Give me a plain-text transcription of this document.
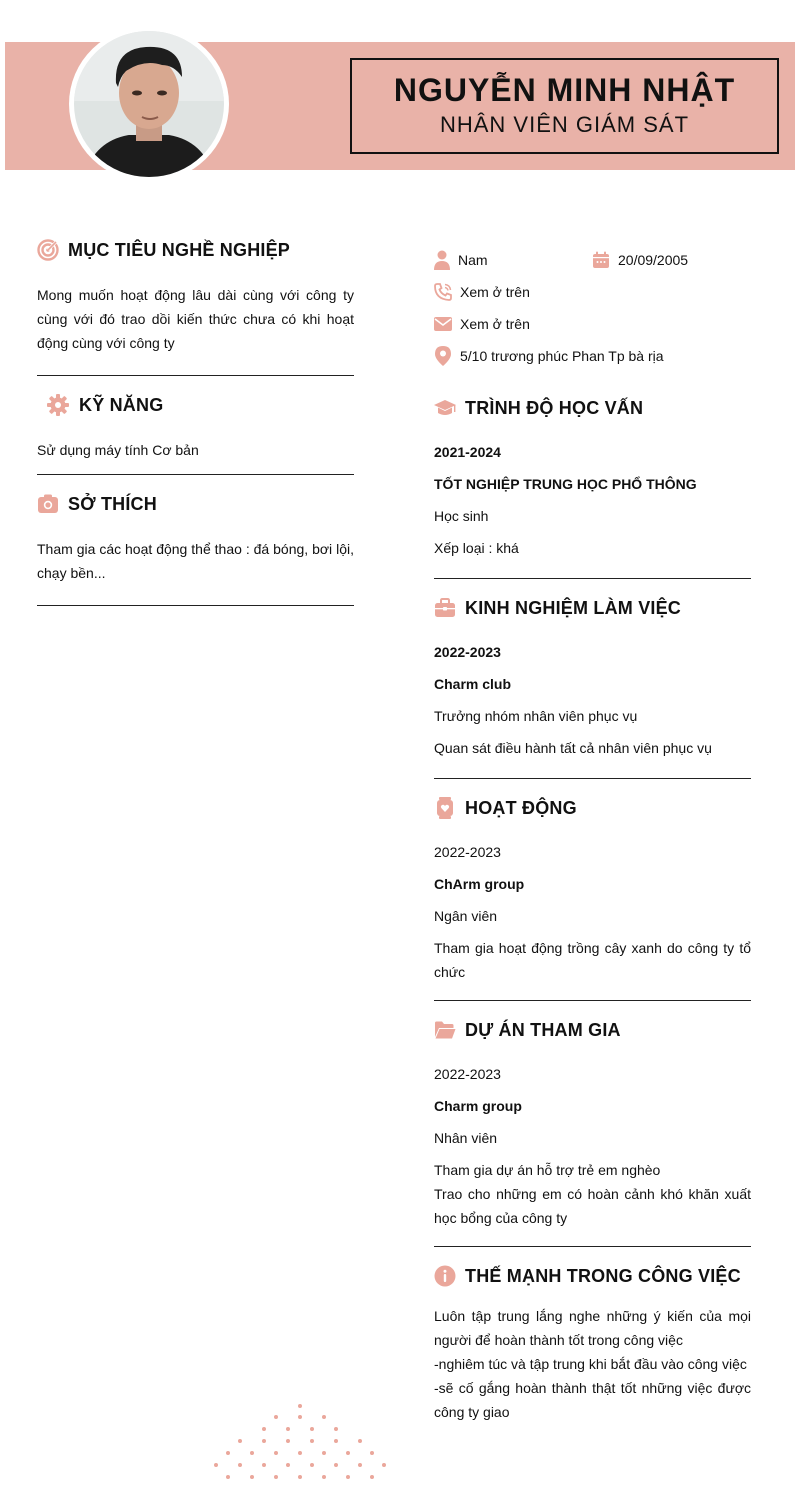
NGUYỄN MINH NHẬT
NHÂN VIÊN GIÁM SÁT
MỤC TIÊU NGHỀ NGHIỆP

Mong muốn hoạt động lâu dài cùng với công ty cùng với đó trao dồi kiến thức chưa có khi hoạt động cùng với công ty

KỸ NĂNG

Sử dụng máy tính Cơ bản

SỞ THÍCH

Tham gia các hoạt động thể thao : đá bóng, bơi lội, chạy bền...

Nam	20/09/2005
Xem ở trên
Xem ở trên
5/10 trương phúc Phan Tp bà rịa
TRÌNH ĐỘ HỌC VẤN
2021-2024
TỐT NGHIỆP TRUNG HỌC PHỔ THÔNG
Học sinh
Xếp loại : khá
KINH NGHIỆM LÀM VIỆC
2022-2023
Charm club
Trưởng nhóm nhân viên phục vụ
Quan sát điều hành tất cả nhân viên phục vụ
HOẠT ĐỘNG
2022-2023
ChArm group
Ngân viên

Tham gia hoạt động trồng cây xanh do công ty tổ chức

DỰ ÁN THAM GIA
2022-2023
Charm group
Nhân viên

Tham gia dự án hỗ trợ trẻ em nghèo

Trao cho những em có hoàn cảnh khó khăn xuất học bổng của công ty

THẾ MẠNH TRONG CÔNG VIỆC

Luôn tập trung lắng nghe những ý kiến của mọi người để hoàn thành tốt trong công việc

-nghiêm túc và tập trung khi bắt đầu vào công việc

-sẽ cố gắng hoàn thành thật tốt những việc được công ty giao
